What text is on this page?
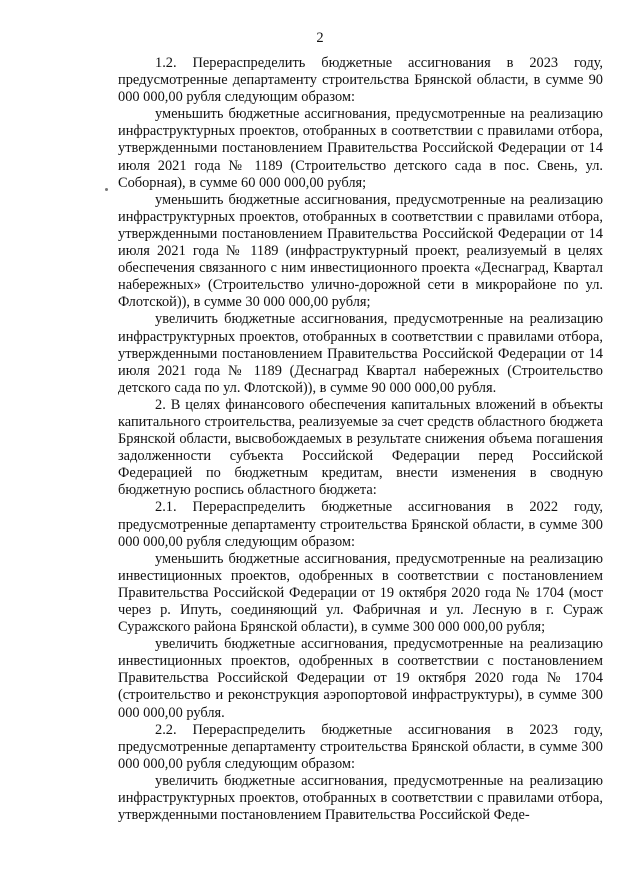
2

1.2. Перераспределить бюджетные ассигнования в 2023 году, предусмотренные департаменту строительства Брянской области, в сумме 90 000 000,00 рубля следующим образом:

уменьшить бюджетные ассигнования, предусмотренные на реализацию инфраструктурных проектов, отобранных в соответствии с правилами отбора, утвержденными постановлением Правительства Российской Федерации от 14 июля 2021 года № 1189 (Строительство детского сада в пос. Свень, ул. Соборная), в сумме 60 000 000,00 рубля;

уменьшить бюджетные ассигнования, предусмотренные на реализацию инфраструктурных проектов, отобранных в соответствии с правилами отбора, утвержденными постановлением Правительства Российской Федерации от 14 июля 2021 года № 1189 (инфраструктурный проект, реализуемый в целях обеспечения связанного с ним инвестиционного проекта «Деснаград, Квартал набережных» (Строительство улично-дорожной сети в микрорайоне по ул. Флотской)), в сумме 30 000 000,00 рубля;

увеличить бюджетные ассигнования, предусмотренные на реализацию инфраструктурных проектов, отобранных в соответствии с правилами отбора, утвержденными постановлением Правительства Российской Федерации от 14 июля 2021 года № 1189 (Деснаград Квартал набережных (Строительство детского сада по ул. Флотской)), в сумме 90 000 000,00 рубля.

2. В целях финансового обеспечения капитальных вложений в объекты капитального строительства, реализуемые за счет средств областного бюджета Брянской области, высвобождаемых в результате снижения объема погашения задолженности субъекта Российской Федерации перед Российской Федерацией по бюджетным кредитам, внести изменения в сводную бюджетную роспись областного бюджета:

2.1. Перераспределить бюджетные ассигнования в 2022 году, предусмотренные департаменту строительства Брянской области, в сумме 300 000 000,00 рубля следующим образом:

уменьшить бюджетные ассигнования, предусмотренные на реализацию инвестиционных проектов, одобренных в соответствии с постановлением Правительства Российской Федерации от 19 октября 2020 года № 1704 (мост через р. Ипуть, соединяющий ул. Фабричная и ул. Лесную в г. Сураж Суражского района Брянской области), в сумме 300 000 000,00 рубля;

увеличить бюджетные ассигнования, предусмотренные на реализацию инвестиционных проектов, одобренных в соответствии с постановлением Правительства Российской Федерации от 19 октября 2020 года № 1704 (строительство и реконструкция аэропортовой инфраструктуры), в сумме 300 000 000,00 рубля.

2.2. Перераспределить бюджетные ассигнования в 2023 году, предусмотренные департаменту строительства Брянской области, в сумме 300 000 000,00 рубля следующим образом:

увеличить бюджетные ассигнования, предусмотренные на реализацию инфраструктурных проектов, отобранных в соответствии с правилами отбора, утвержденными постановлением Правительства Российской Феде-
